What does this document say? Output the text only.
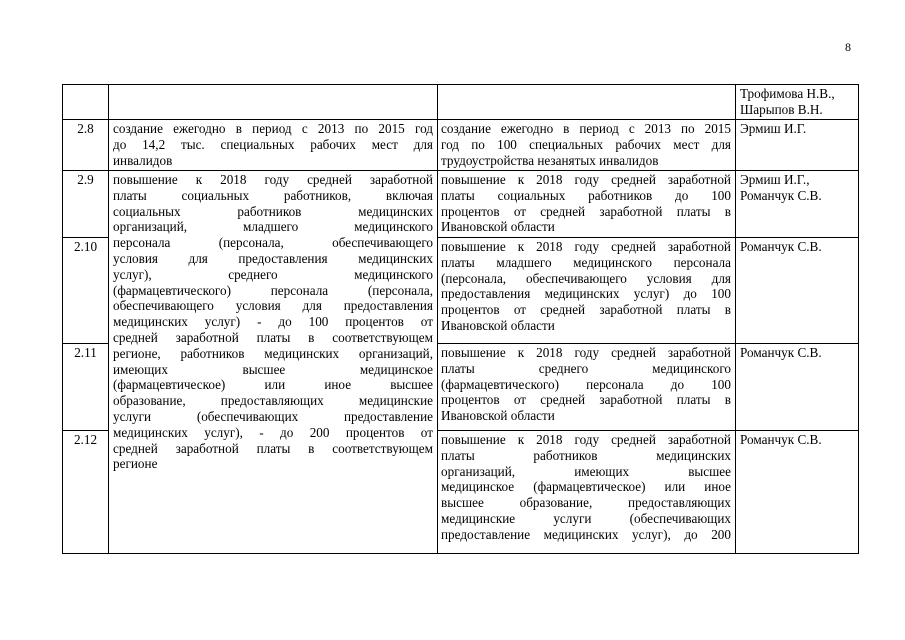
8
Трофимова Н.В.,
Шарыпов В.Н.
2.8	создание ежегодно в период с 2013 по 2015 год
до 14,2 тыс. специальных рабочих мест для
инвалидов
создание ежегодно в период с 2013 по 2015
год по 100 специальных рабочих мест для
трудоустройства незанятых инвалидов
Эрмиш И.Г.
2.9
2.10
2.11
2.12
повышение к 2018 году средней заработной
платы социальных работников, включая
социальных работников медицинских
организаций, младшего медицинского
персонала (персонала, обеспечивающего
условия для предоставления медицинских
услуг), среднего медицинского
(фармацевтического) персонала (персонала,
обеспечивающего условия для предоставления
медицинских услуг) - до 100 процентов от
средней заработной платы в соответствующем
регионе, работников медицинских организаций,
имеющих высшее медицинское
(фармацевтическое) или иное высшее
образование, предоставляющих медицинские
услуги (обеспечивающих предоставление
медицинских услуг), - до 200 процентов от
средней заработной платы в соответствующем
регионе
повышение к 2018 году средней заработной
платы социальных работников до 100
процентов от средней заработной платы в
Ивановской области
Эрмиш И.Г.,
Романчук С.В.
повышение к 2018 году средней заработной
платы младшего медицинского персонала
(персонала, обеспечивающего условия для
предоставления медицинских услуг) до 100
процентов от средней заработной платы в
Ивановской области
Романчук С.В.
повышение к 2018 году средней заработной
платы среднего медицинского
(фармацевтического) персонала до 100
процентов от средней заработной платы в
Ивановской области
Романчук С.В.
повышение к 2018 году средней заработной
платы работников медицинских
организаций, имеющих высшее
медицинское (фармацевтическое) или иное
высшее образование, предоставляющих
медицинские услуги (обеспечивающих
предоставление медицинских услуг), до 200
Романчук С.В.
